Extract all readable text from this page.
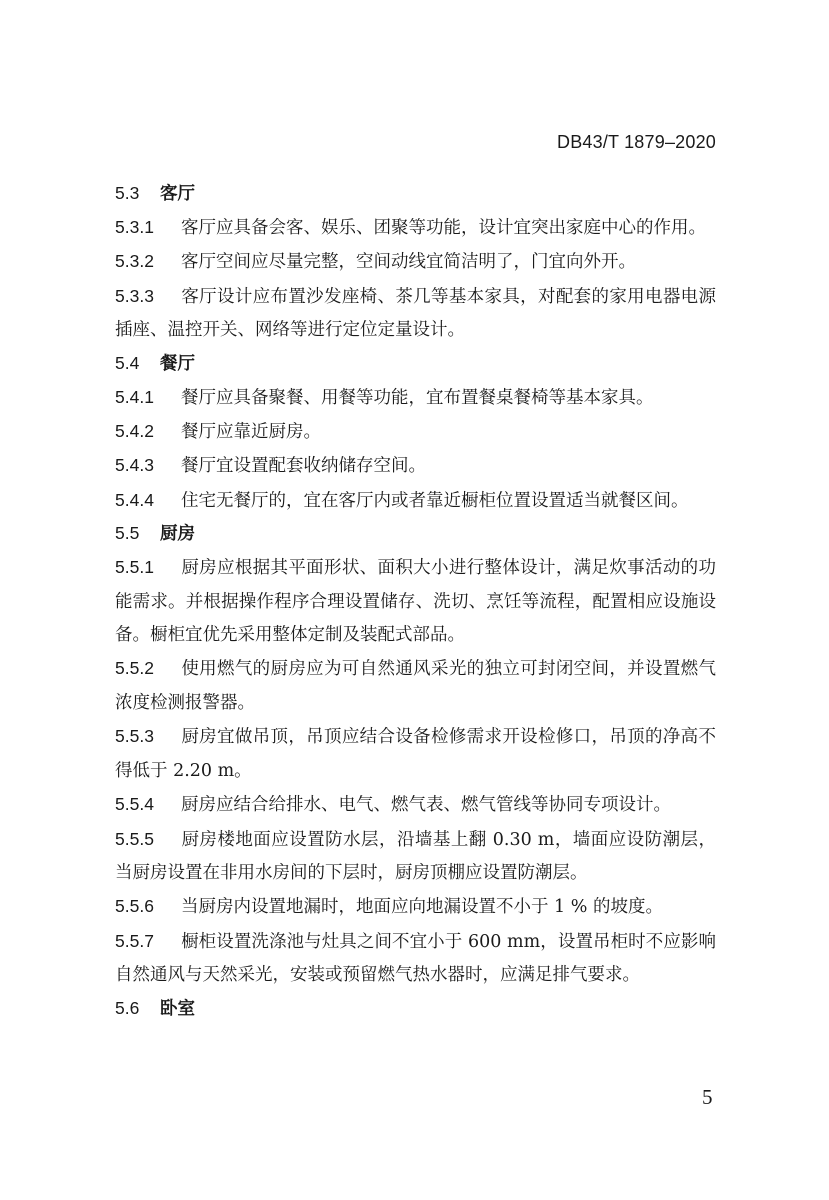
DB43/T 1879–2020
5.3 客厅
5.3.1 客厅应具备会客、娱乐、团聚等功能，设计宜突出家庭中心的作用。
5.3.2 客厅空间应尽量完整，空间动线宜简洁明了，门宜向外开。
5.3.3 客厅设计应布置沙发座椅、茶几等基本家具，对配套的家用电器电源插座、温控开关、网络等进行定位定量设计。
5.4 餐厅
5.4.1 餐厅应具备聚餐、用餐等功能，宜布置餐桌餐椅等基本家具。
5.4.2 餐厅应靠近厨房。
5.4.3 餐厅宜设置配套收纳储存空间。
5.4.4 住宅无餐厅的，宜在客厅内或者靠近橱柜位置设置适当就餐区间。
5.5 厨房
5.5.1 厨房应根据其平面形状、面积大小进行整体设计，满足炊事活动的功能需求。并根据操作程序合理设置储存、洗切、烹饪等流程，配置相应设施设备。橱柜宜优先采用整体定制及装配式部品。
5.5.2 使用燃气的厨房应为可自然通风采光的独立可封闭空间，并设置燃气浓度检测报警器。
5.5.3 厨房宜做吊顶，吊顶应结合设备检修需求开设检修口，吊顶的净高不得低于 2.20 m。
5.5.4 厨房应结合给排水、电气、燃气表、燃气管线等协同专项设计。
5.5.5 厨房楼地面应设置防水层，沿墙基上翻 0.30 m，墙面应设防潮层，当厨房设置在非用水房间的下层时，厨房顶棚应设置防潮层。
5.5.6 当厨房内设置地漏时，地面应向地漏设置不小于 1 % 的坡度。
5.5.7 橱柜设置洗涤池与灶具之间不宜小于 600 mm，设置吊柜时不应影响自然通风与天然采光，安装或预留燃气热水器时，应满足排气要求。
5.6 卧室
5
